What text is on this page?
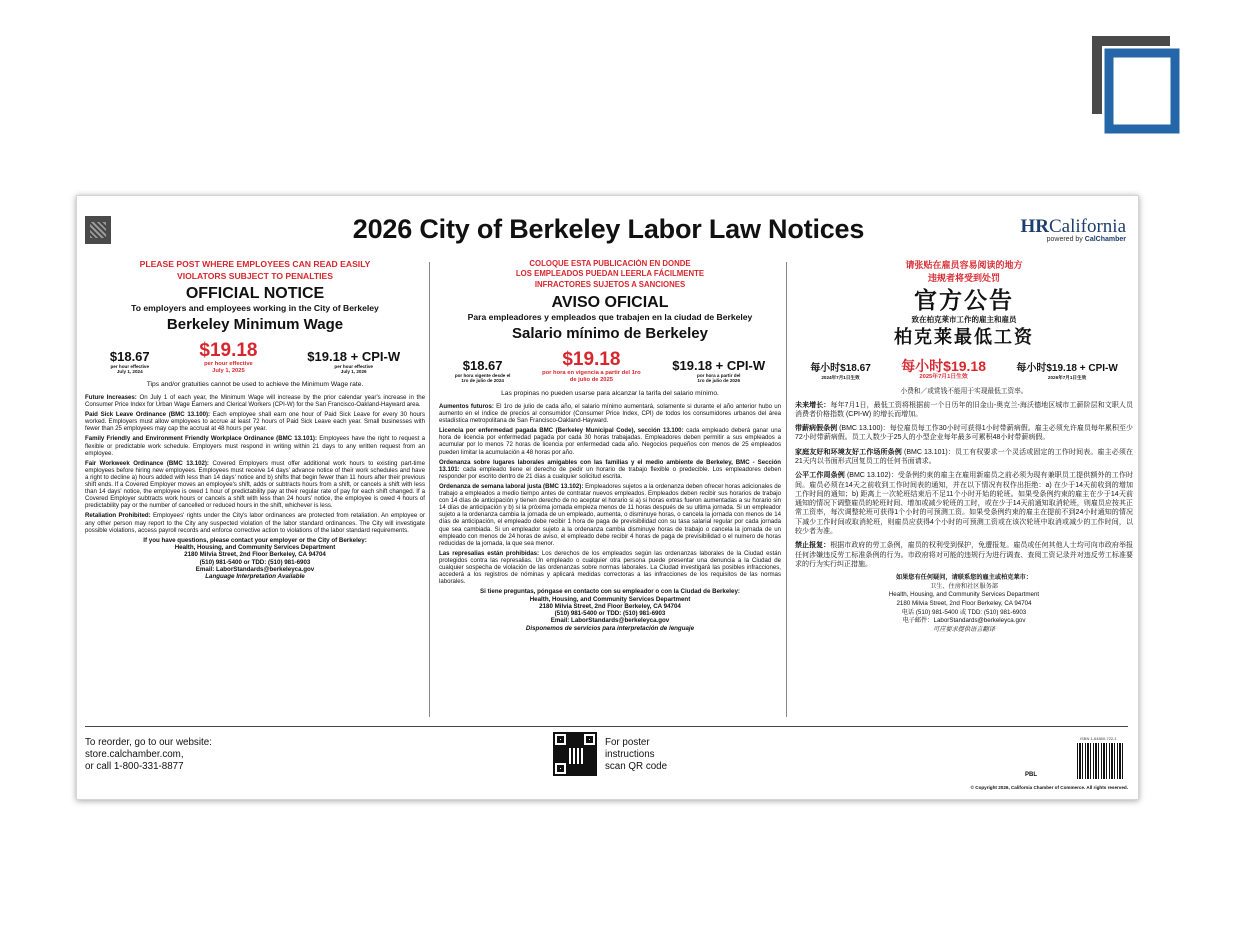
2026 City of Berkeley Labor Law Notices	HRCalifornia
powered by CalChamber
PLEASE POST WHERE EMPLOYEES CAN READ EASILY
VIOLATORS SUBJECT TO PENALTIES
OFFICIAL NOTICE
To employers and employees working in the City of Berkeley
Berkeley Minimum Wage
$18.67
per hour effective
July 1, 2024
$19.18
per hour effective
July 1, 2025
$19.18 + CPI-W
per hour effective
July 1, 2026
Tips and/or gratuities cannot be used to achieve the Minimum Wage rate.
Future Increases: On July 1 of each year, the Minimum Wage will increase by the prior calendar year's increase in the Consumer Price Index for Urban Wage Earners and Clerical Workers (CPI-W) for the San Francisco-Oakland-Hayward area.
Paid Sick Leave Ordinance (BMC 13.100): Each employee shall earn one hour of Paid Sick Leave for every 30 hours worked. Employers must allow employees to accrue at least 72 hours of Paid Sick Leave each year. Small businesses with fewer than 25 employees may cap the accrual at 48 hours per year.
Family Friendly and Environment Friendly Workplace Ordinance (BMC 13.101): Employees have the right to request a flexible or predictable work schedule. Employers must respond in writing within 21 days to any written request from an employee.
Fair Workweek Ordinance (BMC 13.102): Covered Employers must offer additional work hours to existing part-time employees before hiring new employees. Employees must receive 14 days' advance notice of their work schedules and have a right to decline a) hours added with less than 14 days' notice and b) shifts that begin fewer than 11 hours after their previous shift ends. If a Covered Employer moves an employee's shift, adds or subtracts hours from a shift, or cancels a shift with less than 14 days' notice, the employee is owed 1 hour of predictability pay at their regular rate of pay for each shift changed. If a Covered Employer subtracts work hours or cancels a shift with less than 24 hours' notice, the employee is owed 4 hours of predictability pay or the number of cancelled or reduced hours in the shift, whichever is less.
Retaliation Prohibited: Employees' rights under the City's labor ordinances are protected from retaliation. An employee or any other person may report to the City any suspected violation of the labor standard ordinances. The City will investigate possible violations, access payroll records and enforce corrective action to violations of the labor standard requirements.
If you have questions, please contact your employer or the City of Berkeley:
Health, Housing, and Community Services Department
2180 Milvia Street, 2nd Floor Berkeley, CA 94704
(510) 981-5400 or TDD: (510) 981-6903
Email: LaborStandards@berkeleyca.gov
Language Interpretation Available
COLOQUE ESTA PUBLICACIÓN EN DONDE
LOS EMPLEADOS PUEDAN LEERLA FÁCILMENTE
INFRACTORES SUJETOS A SANCIONES
AVISO OFICIAL
Para empleadores y empleados que trabajen en la ciudad de Berkeley
Salario mínimo de Berkeley
$18.67
por hora vigente desde el
1ro de julio de 2024
$19.18
por hora en vigencia a partir del 1ro
de julio de 2025
$19.18 + CPI-W
por hora a partir del
1ro de julio de 2026
Las propinas no pueden usarse para alcanzar la tarifa del salario mínimo.
Aumentos futuros: El 1ro de julio de cada año, el salario mínimo aumentará, solamente si durante el año anterior hubo un aumento en el índice de precios al consumidor (Consumer Price Index, CPI) de todos los consumidores urbanos del área estadística metropolitana de San Francisco-Oakland-Hayward.
Licencia por enfermedad pagada BMC (Berkeley Municipal Code), sección 13.100: cada empleado deberá ganar una hora de licencia por enfermedad pagada por cada 30 horas trabajadas. Empleadores deben permitir a sus empleados a acumular por lo menos 72 horas de licencia por enfermedad cada año. Negocios pequeños con menos de 25 empleados pueden limitar la acumulación a 48 horas por año.
Ordenanza sobre lugares laborales amigables con las familias y el medio ambiente de Berkeley, BMC - Sección 13.101: cada empleado tiene el derecho de pedir un horario de trabajo flexible o predecible. Los empleadores deben responder por escrito dentro de 21 días a cualquier solicitud escrita.
Ordenanza de semana laboral justa (BMC 13.102): Empleadores sujetos a la ordenanza deben ofrecer horas adicionales de trabajo a empleados a medio tiempo antes de contratar nuevos empleados. Empleados deben recibir sus horarios de trabajo con 14 días de anticipación y tienen derecho de no aceptar el horario si a) si horas extras fueron aumentadas a su horario sin 14 días de anticipación y b) si la próxima jornada empieza menos de 11 horas después de su ultima jornada. Si un empleador sujeto a la ordenanza cambia la jornada de un empleado, aumenta, o disminuye horas, o cancela la jornada con menos de 14 días de anticipación, el empleado debe recibir 1 hora de paga de previsibilidad con su tasa salarial regular por cada jornada que sea cambiada. Si un empleador sujeto a la ordenanza cambia disminuye horas de trabajo o cancela la jornada de un empleado con menos de 24 horas de aviso, el empleado debe recibir 4 horas de paga de previsibilidad o el numero de horas reducidas de la jornada, la que sea menor.
Las represalias están prohibidas: Los derechos de los empleados según las ordenanzas laborales de la Ciudad están protegidos contra las represalias. Un empleado o cualquier otra persona puede presentar una denuncia a la Ciudad de cualquier sospecha de violación de las ordenanzas sobre normas laborales. La Ciudad investigará las posibles infracciones, accederá a los registros de nóminas y aplicará medidas correctoras a las infracciones de los requisitos de las normas laborales.
Si tiene preguntas, póngase en contacto con su empleador o con la Ciudad de Berkeley:
Health, Housing, and Community Services Department
2180 Milvia Street, 2nd Floor Berkeley, CA 94704
(510) 981-5400 or TDD: (510) 981-6903
Email: LaborStandards@berkeleyca.gov
Disponemos de servicios para interpretación de lenguaje
请张贴在雇员容易阅读的地方
违规者将受到处罚
官方公告
致在柏克莱市工作的雇主和雇员
柏克莱最低工资
每小时$18.67
2024年7月1日生效
每小时$19.18
2025年7月1日生效
每小时$19.18 + CPI-W
2026年7月1日生效
小费和／或赏钱不能用于实现最低工资率。
未来增长：每年7月1日，最低工资将根据前一个日历年的旧金山-奥克兰-海沃德地区城市工薪阶层和文职人员消费者价格指数 (CPI-W) 的增长而增加。
带薪病假条例 (BMC 13.100)：每位雇员每工作30小时可获得1小时带薪病假。雇主必须允许雇员每年累积至少72小时带薪病假。员工人数少于25人的小型企业每年最多可累积48小时带薪病假。
家庭友好和环境友好工作场所条例 (BMC 13.101)：员工有权要求一个灵活或固定的工作时间表。雇主必须在21天内以书面形式回复员工的任何书面请求。
公平工作周条例 (BMC 13.102)：受条例约束的雇主在雇用新雇员之前必须为现有兼职员工提供额外的工作时间。雇员必须在14天之前收到工作时间表的通知，并在以下情况有权作出拒绝：a) 在少于14天前收到的增加工作时间的通知；b) 距离上一次轮班结束后不足11个小时开始的轮班。如果受条例约束的雇主在少于14天前通知的情况下调整雇员的轮班时间、增加或减少轮班的工时，或在少于14天前通知取消轮班，则雇员应按其正常工资率，每次调整轮班可获得1个小时的可预测工资。如果受条例约束的雇主在提前不到24小时通知的情况下减少工作时间或取消轮班，则雇员应获得4个小时的可预测工资或在该次轮班中取消或减少的工作时间，以较少者为准。
禁止报复：根据市政府的劳工条例，雇员的权利受到保护，免遭报复。雇员或任何其他人士均可向市政府举报任何涉嫌违反劳工标准条例的行为。市政府将对可能的违规行为进行调查、查阅工资记录并对违反劳工标准要求的行为实行纠正措施。
如果您有任何疑问，请联系您的雇主或柏克莱市：
卫生、住房和社区服务部
Health, Housing, and Community Services Department
2180 Milvia Street, 2nd Floor Berkeley, CA 94704
电话 (510) 981-5400 或 TDD: (510) 981-6903
电子邮件：LaborStandards@berkeleyca.gov
可应要求提供语言翻译
To reorder, go to our website:
store.calchamber.com,
or call 1-800-331-8877
For poster
instructions
scan QR code
PBL
ISBN 1-64850-722-1
© Copyright 2026, California Chamber of Commerce. All rights reserved.
